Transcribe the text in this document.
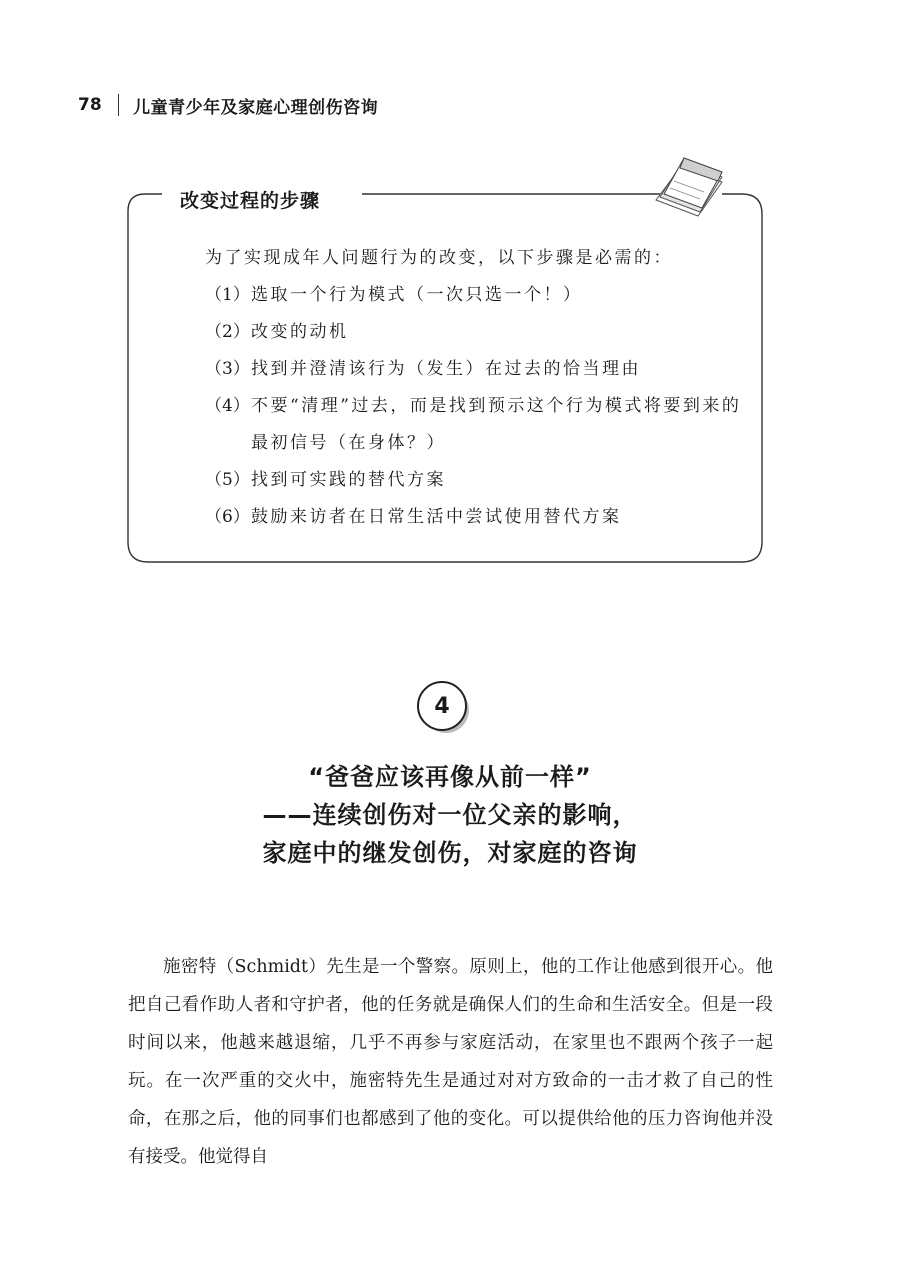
78 儿童青少年及家庭心理创伤咨询
改变过程的步骤
为了实现成年人问题行为的改变，以下步骤是必需的：
（1） 选取一个行为模式（一次只选一个！）
（2） 改变的动机
（3） 找到并澄清该行为（发生）在过去的恰当理由
（4） 不要“清理”过去，而是找到预示这个行为模式将要到来的最初信号（在身体？）
（5） 找到可实践的替代方案
（6） 鼓励来访者在日常生活中尝试使用替代方案
4
“爸爸应该再像从前一样”
——连续创伤对一位父亲的影响，
家庭中的继发创伤，对家庭的咨询
施密特（Schmidt）先生是一个警察。原则上，他的工作让他感到很开心。他把自己看作助人者和守护者，他的任务就是确保人们的生命和生活安全。但是一段时间以来，他越来越退缩，几乎不再参与家庭活动，在家里也不跟两个孩子一起玩。在一次严重的交火中，施密特先生是通过对对方致命的一击才救了自己的性命，在那之后，他的同事们也都感到了他的变化。可以提供给他的压力咨询他并没有接受。他觉得自
